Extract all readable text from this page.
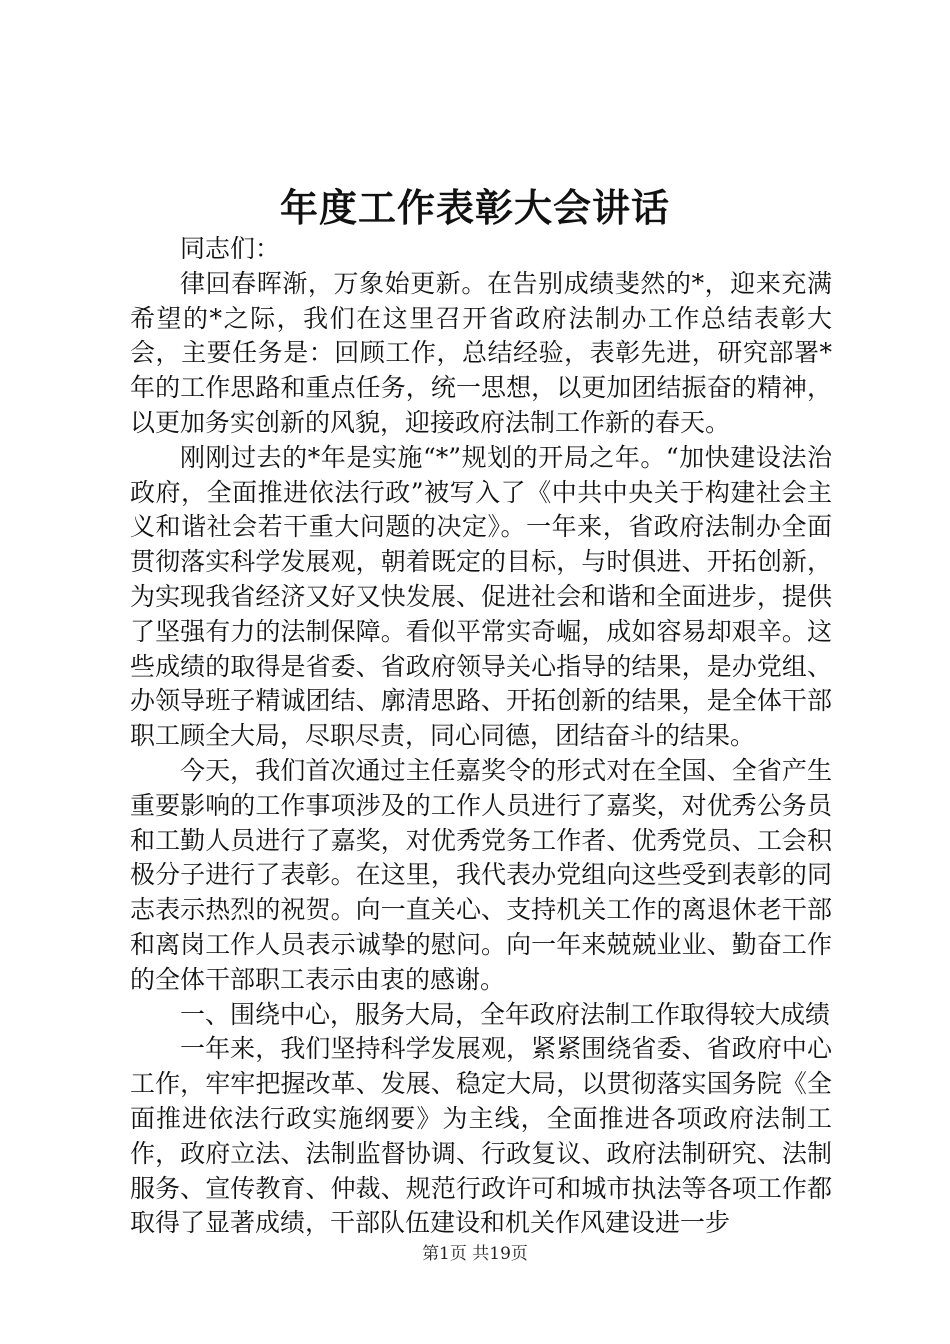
年度工作表彰大会讲话

同志们：

律回春晖渐，万象始更新。在告别成绩斐然的*，迎来充满希望的*之际，我们在这里召开省政府法制办工作总结表彰大会，主要任务是：回顾工作，总结经验，表彰先进，研究部署*年的工作思路和重点任务，统一思想，以更加团结振奋的精神，以更加务实创新的风貌，迎接政府法制工作新的春天。

刚刚过去的*年是实施“*”规划的开局之年。“加快建设法治政府，全面推进依法行政”被写入了《中共中央关于构建社会主义和谐社会若干重大问题的决定》。一年来，省政府法制办全面贯彻落实科学发展观，朝着既定的目标，与时俱进、开拓创新，为实现我省经济又好又快发展、促进社会和谐和全面进步，提供了坚强有力的法制保障。看似平常实奇崛，成如容易却艰辛。这些成绩的取得是省委、省政府领导关心指导的结果，是办党组、办领导班子精诚团结、廓清思路、开拓创新的结果，是全体干部职工顾全大局，尽职尽责，同心同德，团结奋斗的结果。

今天，我们首次通过主任嘉奖令的形式对在全国、全省产生重要影响的工作事项涉及的工作人员进行了嘉奖，对优秀公务员和工勤人员进行了嘉奖，对优秀党务工作者、优秀党员、工会积极分子进行了表彰。在这里，我代表办党组向这些受到表彰的同志表示热烈的祝贺。向一直关心、支持机关工作的离退休老干部和离岗工作人员表示诚挚的慰问。向一年来兢兢业业、勤奋工作的全体干部职工表示由衷的感谢。

一、围绕中心，服务大局，全年政府法制工作取得较大成绩

一年来，我们坚持科学发展观，紧紧围绕省委、省政府中心工作，牢牢把握改革、发展、稳定大局，以贯彻落实国务院《全面推进依法行政实施纲要》为主线，全面推进各项政府法制工作，政府立法、法制监督协调、行政复议、政府法制研究、法制服务、宣传教育、仲裁、规范行政许可和城市执法等各项工作都取得了显著成绩，干部队伍建设和机关作风建设进一步

第1页 共19页
